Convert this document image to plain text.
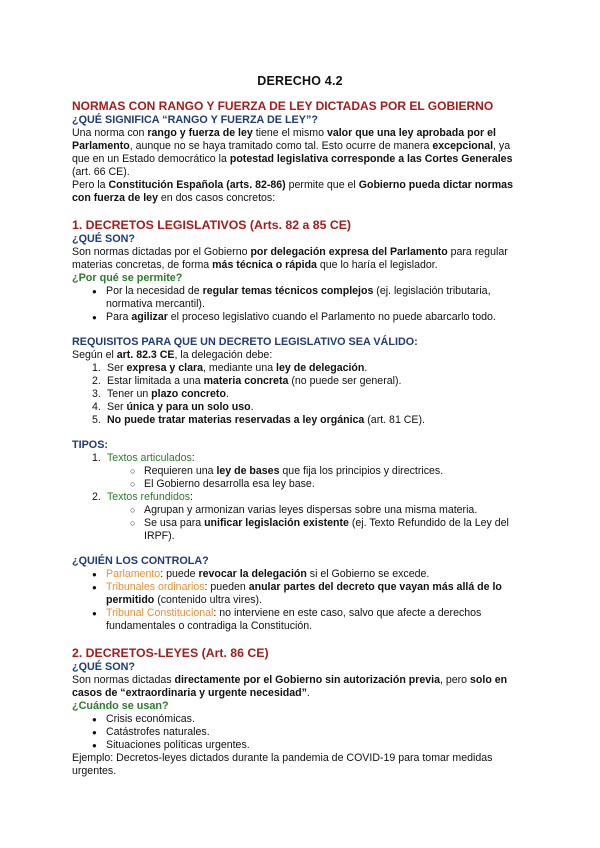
DERECHO 4.2
NORMAS CON RANGO Y FUERZA DE LEY DICTADAS POR EL GOBIERNO
¿QUÉ SIGNIFICA “RANGO Y FUERZA DE LEY”?

Una norma con rango y fuerza de ley tiene el mismo valor que una ley aprobada por el Parlamento, aunque no se haya tramitado como tal. Esto ocurre de manera excepcional, ya que en un Estado democrático la potestad legislativa corresponde a las Cortes Generales (art. 66 CE).

Pero la Constitución Española (arts. 82-86) permite que el Gobierno pueda dictar normas con fuerza de ley en dos casos concretos:

1. DECRETOS LEGISLATIVOS (Arts. 82 a 85 CE)
¿QUÉ SON?

Son normas dictadas por el Gobierno por delegación expresa del Parlamento para regular materias concretas, de forma más técnica o rápida que lo haría el legislador.

¿Por qué se permite?
● Por la necesidad de regular temas técnicos complejos (ej. legislación tributaria, normativa mercantil).
● Para agilizar el proceso legislativo cuando el Parlamento no puede abarcarlo todo.
REQUISITOS PARA QUE UN DECRETO LEGISLATIVO SEA VÁLIDO:

Según el art. 82.3 CE, la delegación debe:

1. Ser expresa y clara, mediante una ley de delegación.
2. Estar limitada a una materia concreta (no puede ser general).
3. Tener un plazo concreto.
4. Ser única y para un solo uso.
5. No puede tratar materias reservadas a ley orgánica (art. 81 CE).
TIPOS:
1. Textos articulados:
○ Requieren una ley de bases que fija los principios y directrices.
○ El Gobierno desarrolla esa ley base.
2. Textos refundidos:
○ Agrupan y armonizan varias leyes dispersas sobre una misma materia.
○ Se usa para unificar legislación existente (ej. Texto Refundido de la Ley del IRPF).
¿QUIÉN LOS CONTROLA?
● Parlamento: puede revocar la delegación si el Gobierno se excede.
● Tribunales ordinarios: pueden anular partes del decreto que vayan más allá de lo permitido (contenido ultra vires).
● Tribunal Constitucional: no interviene en este caso, salvo que afecte a derechos fundamentales o contradiga la Constitución.
2. DECRETOS-LEYES (Art. 86 CE)
¿QUÉ SON?

Son normas dictadas directamente por el Gobierno sin autorización previa, pero solo en casos de “extraordinaria y urgente necesidad”.

¿Cuándo se usan?
● Crisis económicas.
● Catástrofes naturales.
● Situaciones políticas urgentes.

Ejemplo: Decretos-leyes dictados durante la pandemia de COVID-19 para tomar medidas urgentes.
